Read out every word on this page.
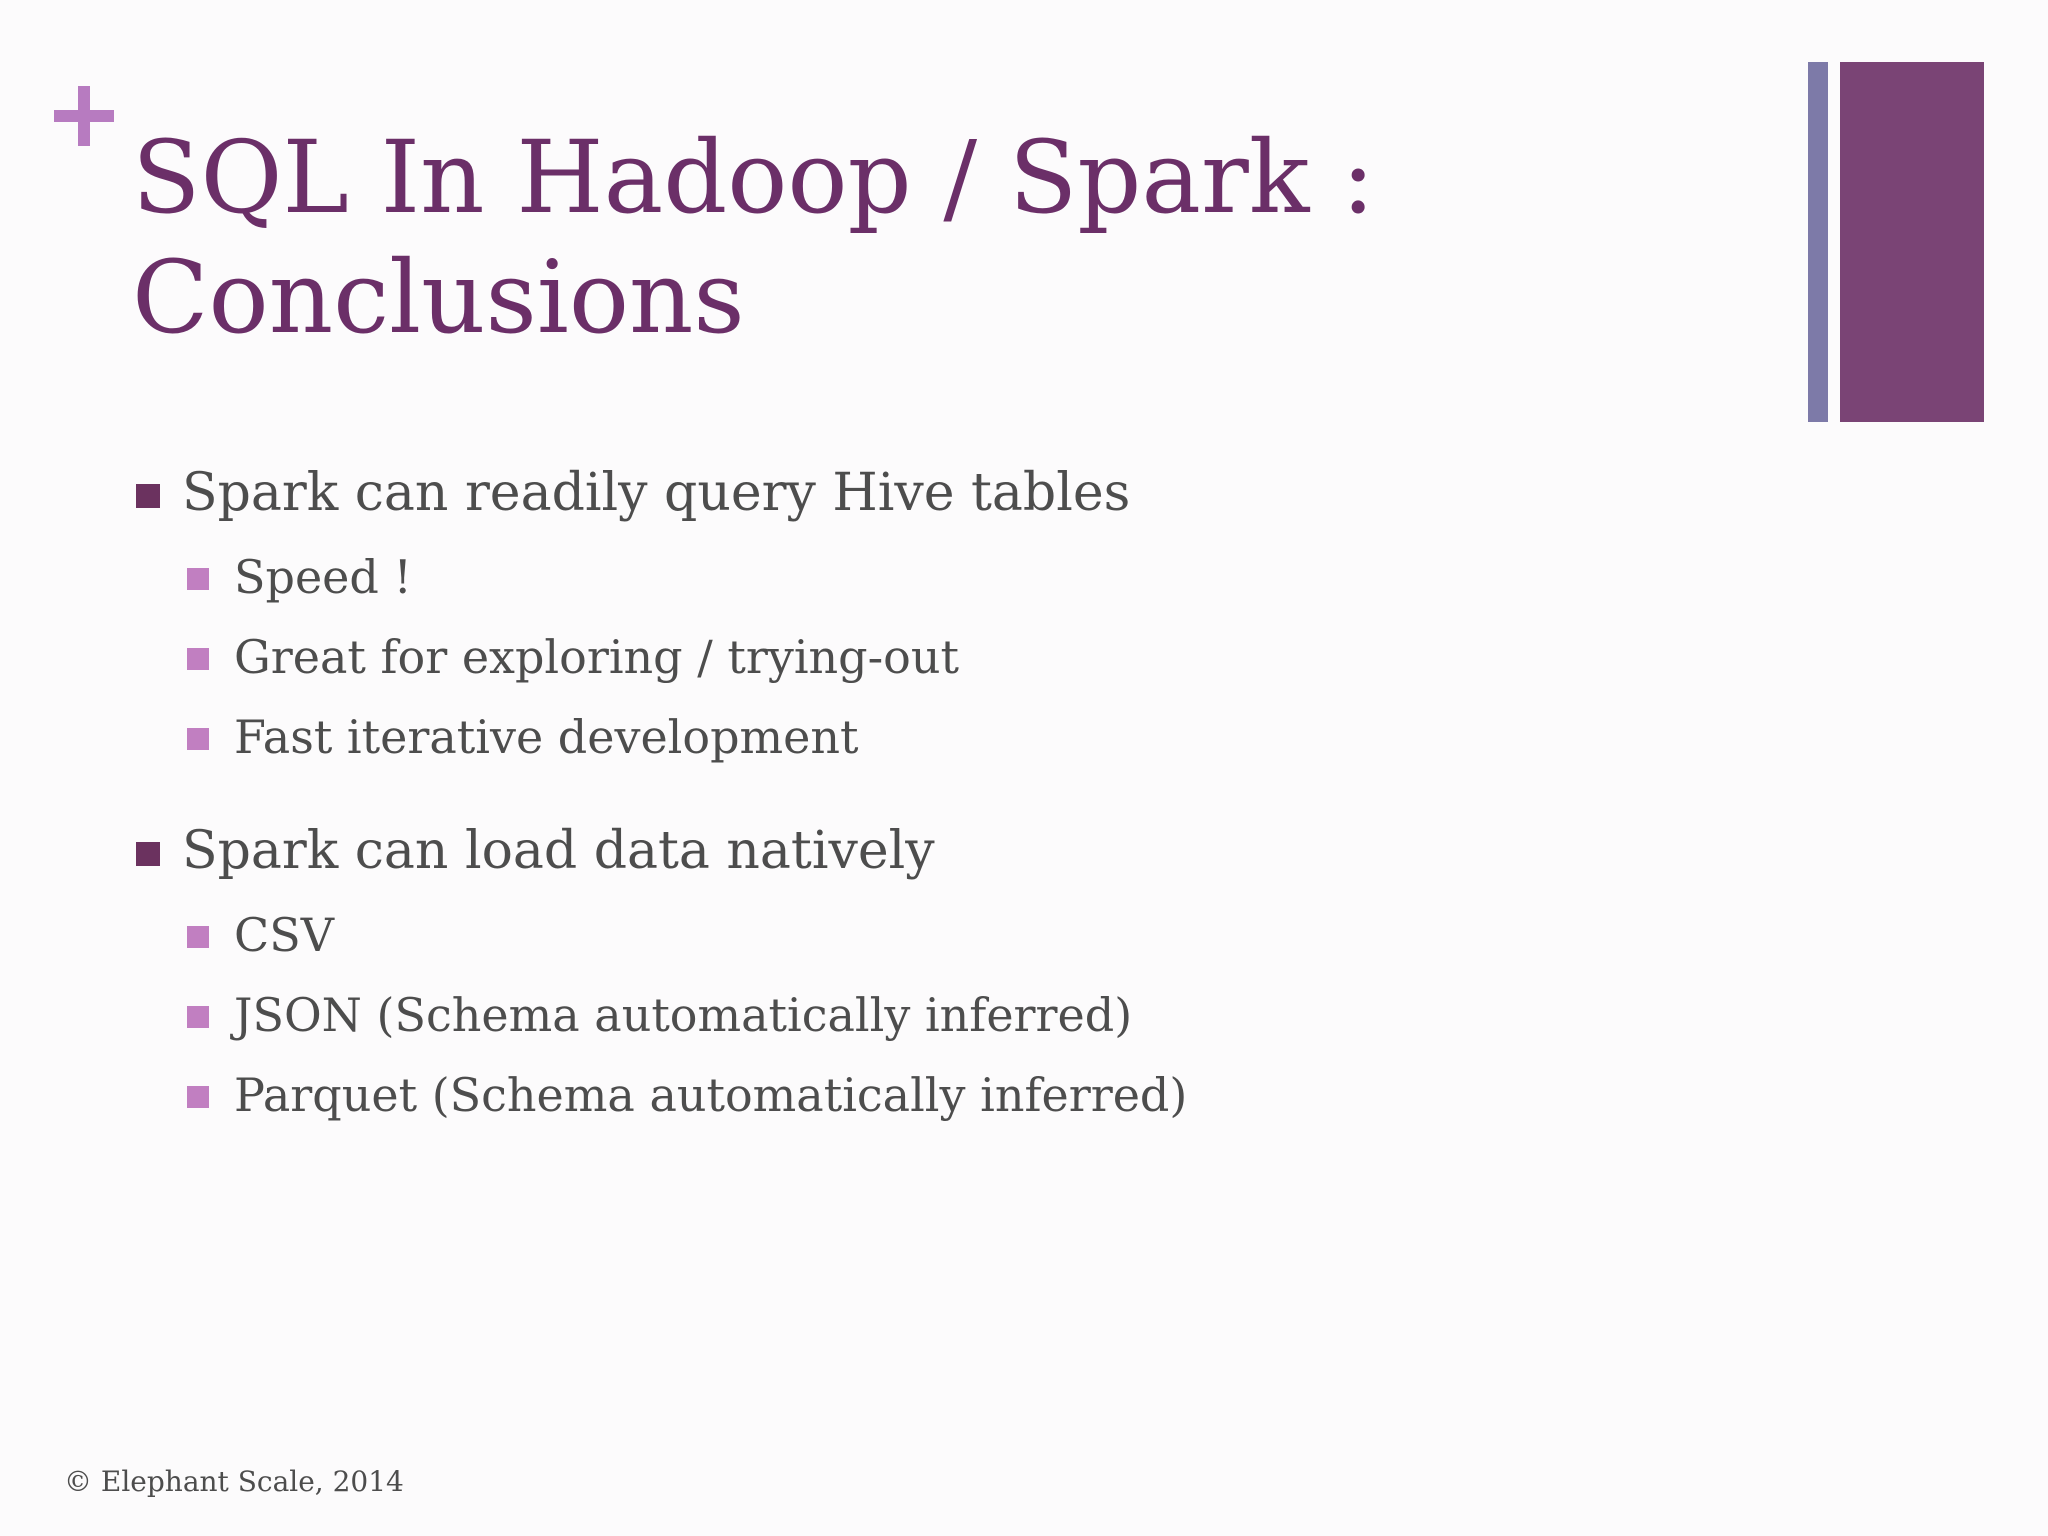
SQL In Hadoop / Spark :
Conclusions
Spark can readily query Hive tables
Speed !
Great for exploring / trying-out
Fast iterative development
Spark can load data natively
CSV
JSON (Schema automatically inferred)
Parquet (Schema automatically inferred)
© Elephant Scale, 2014
